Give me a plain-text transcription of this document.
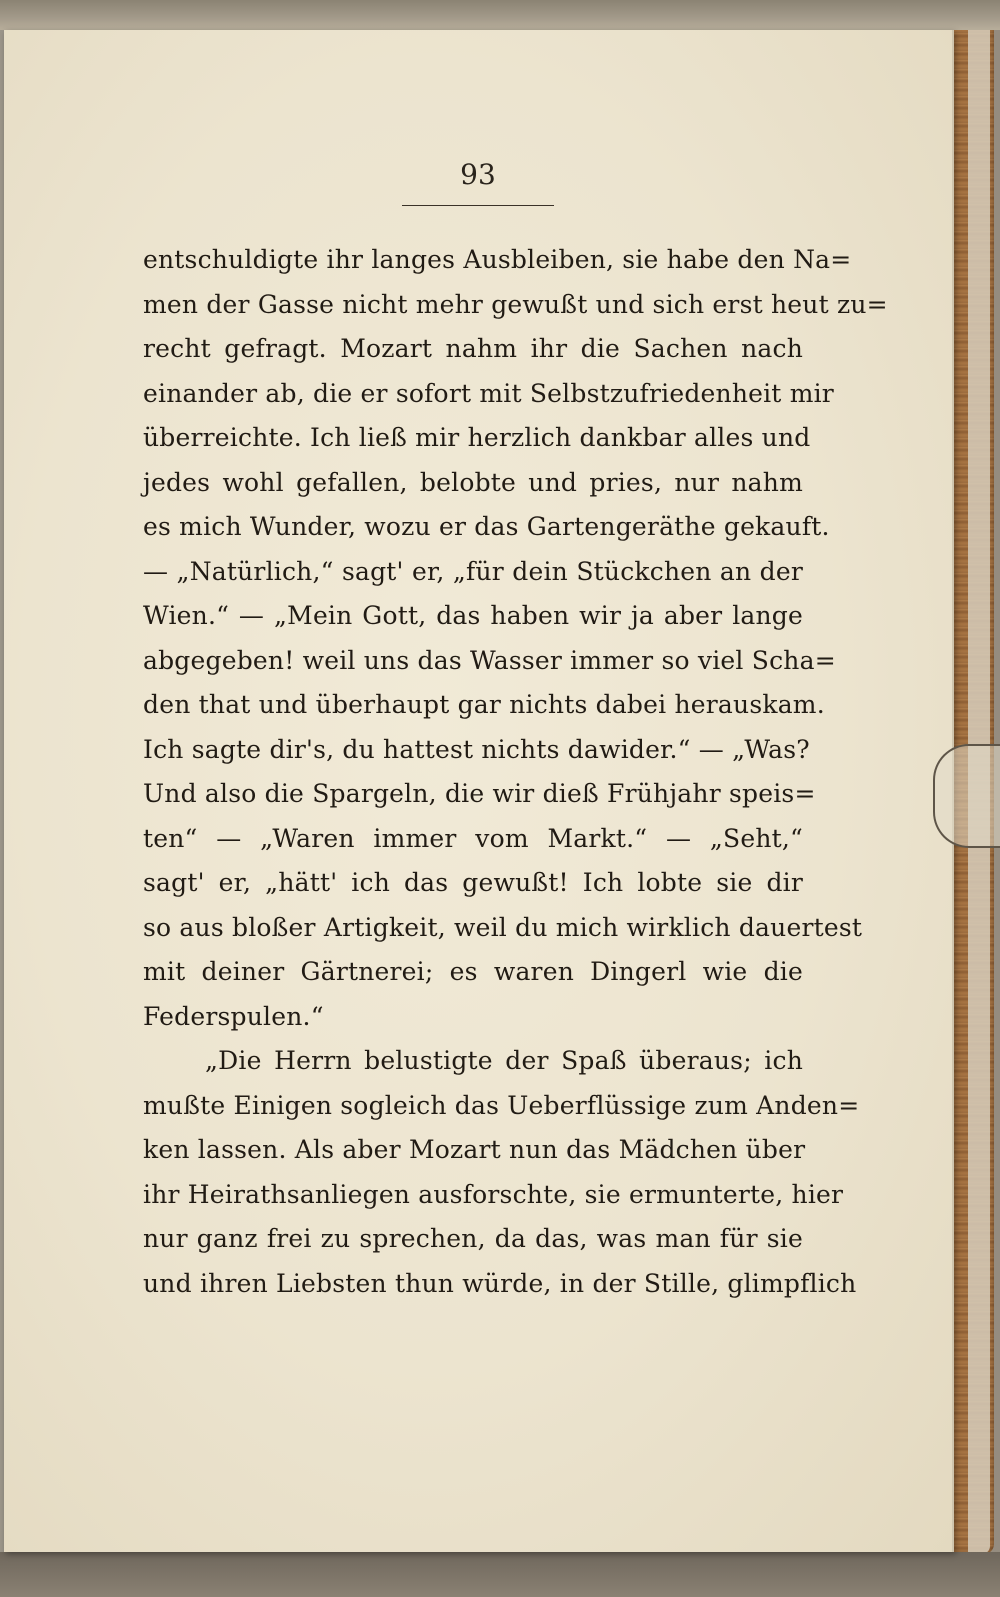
93

entschuldigte ihr langes Ausbleiben, sie habe den Na=
men der Gasse nicht mehr gewußt und sich erst heut zu=
recht gefragt. Mozart nahm ihr die Sachen nach
einander ab, die er sofort mit Selbstzufriedenheit mir
überreichte. Ich ließ mir herzlich dankbar alles und
jedes wohl gefallen, belobte und pries, nur nahm
es mich Wunder, wozu er das Gartengeräthe gekauft.
— „Natürlich,“ sagt' er, „für dein Stückchen an der
Wien.“ — „Mein Gott, das haben wir ja aber lange
abgegeben! weil uns das Wasser immer so viel Scha=
den that und überhaupt gar nichts dabei herauskam.
Ich sagte dir's, du hattest nichts dawider.“ — „Was?
Und also die Spargeln, die wir dieß Frühjahr speis=
ten“ — „Waren immer vom Markt.“ — „Seht,“
sagt' er, „hätt' ich das gewußt! Ich lobte sie dir
so aus bloßer Artigkeit, weil du mich wirklich dauertest
mit deiner Gärtnerei; es waren Dingerl wie die
Federspulen.“
„Die Herrn belustigte der Spaß überaus; ich
mußte Einigen sogleich das Ueberflüssige zum Anden=
ken lassen. Als aber Mozart nun das Mädchen über
ihr Heirathsanliegen ausforschte, sie ermunterte, hier
nur ganz frei zu sprechen, da das, was man für sie
und ihren Liebsten thun würde, in der Stille, glimpflich
